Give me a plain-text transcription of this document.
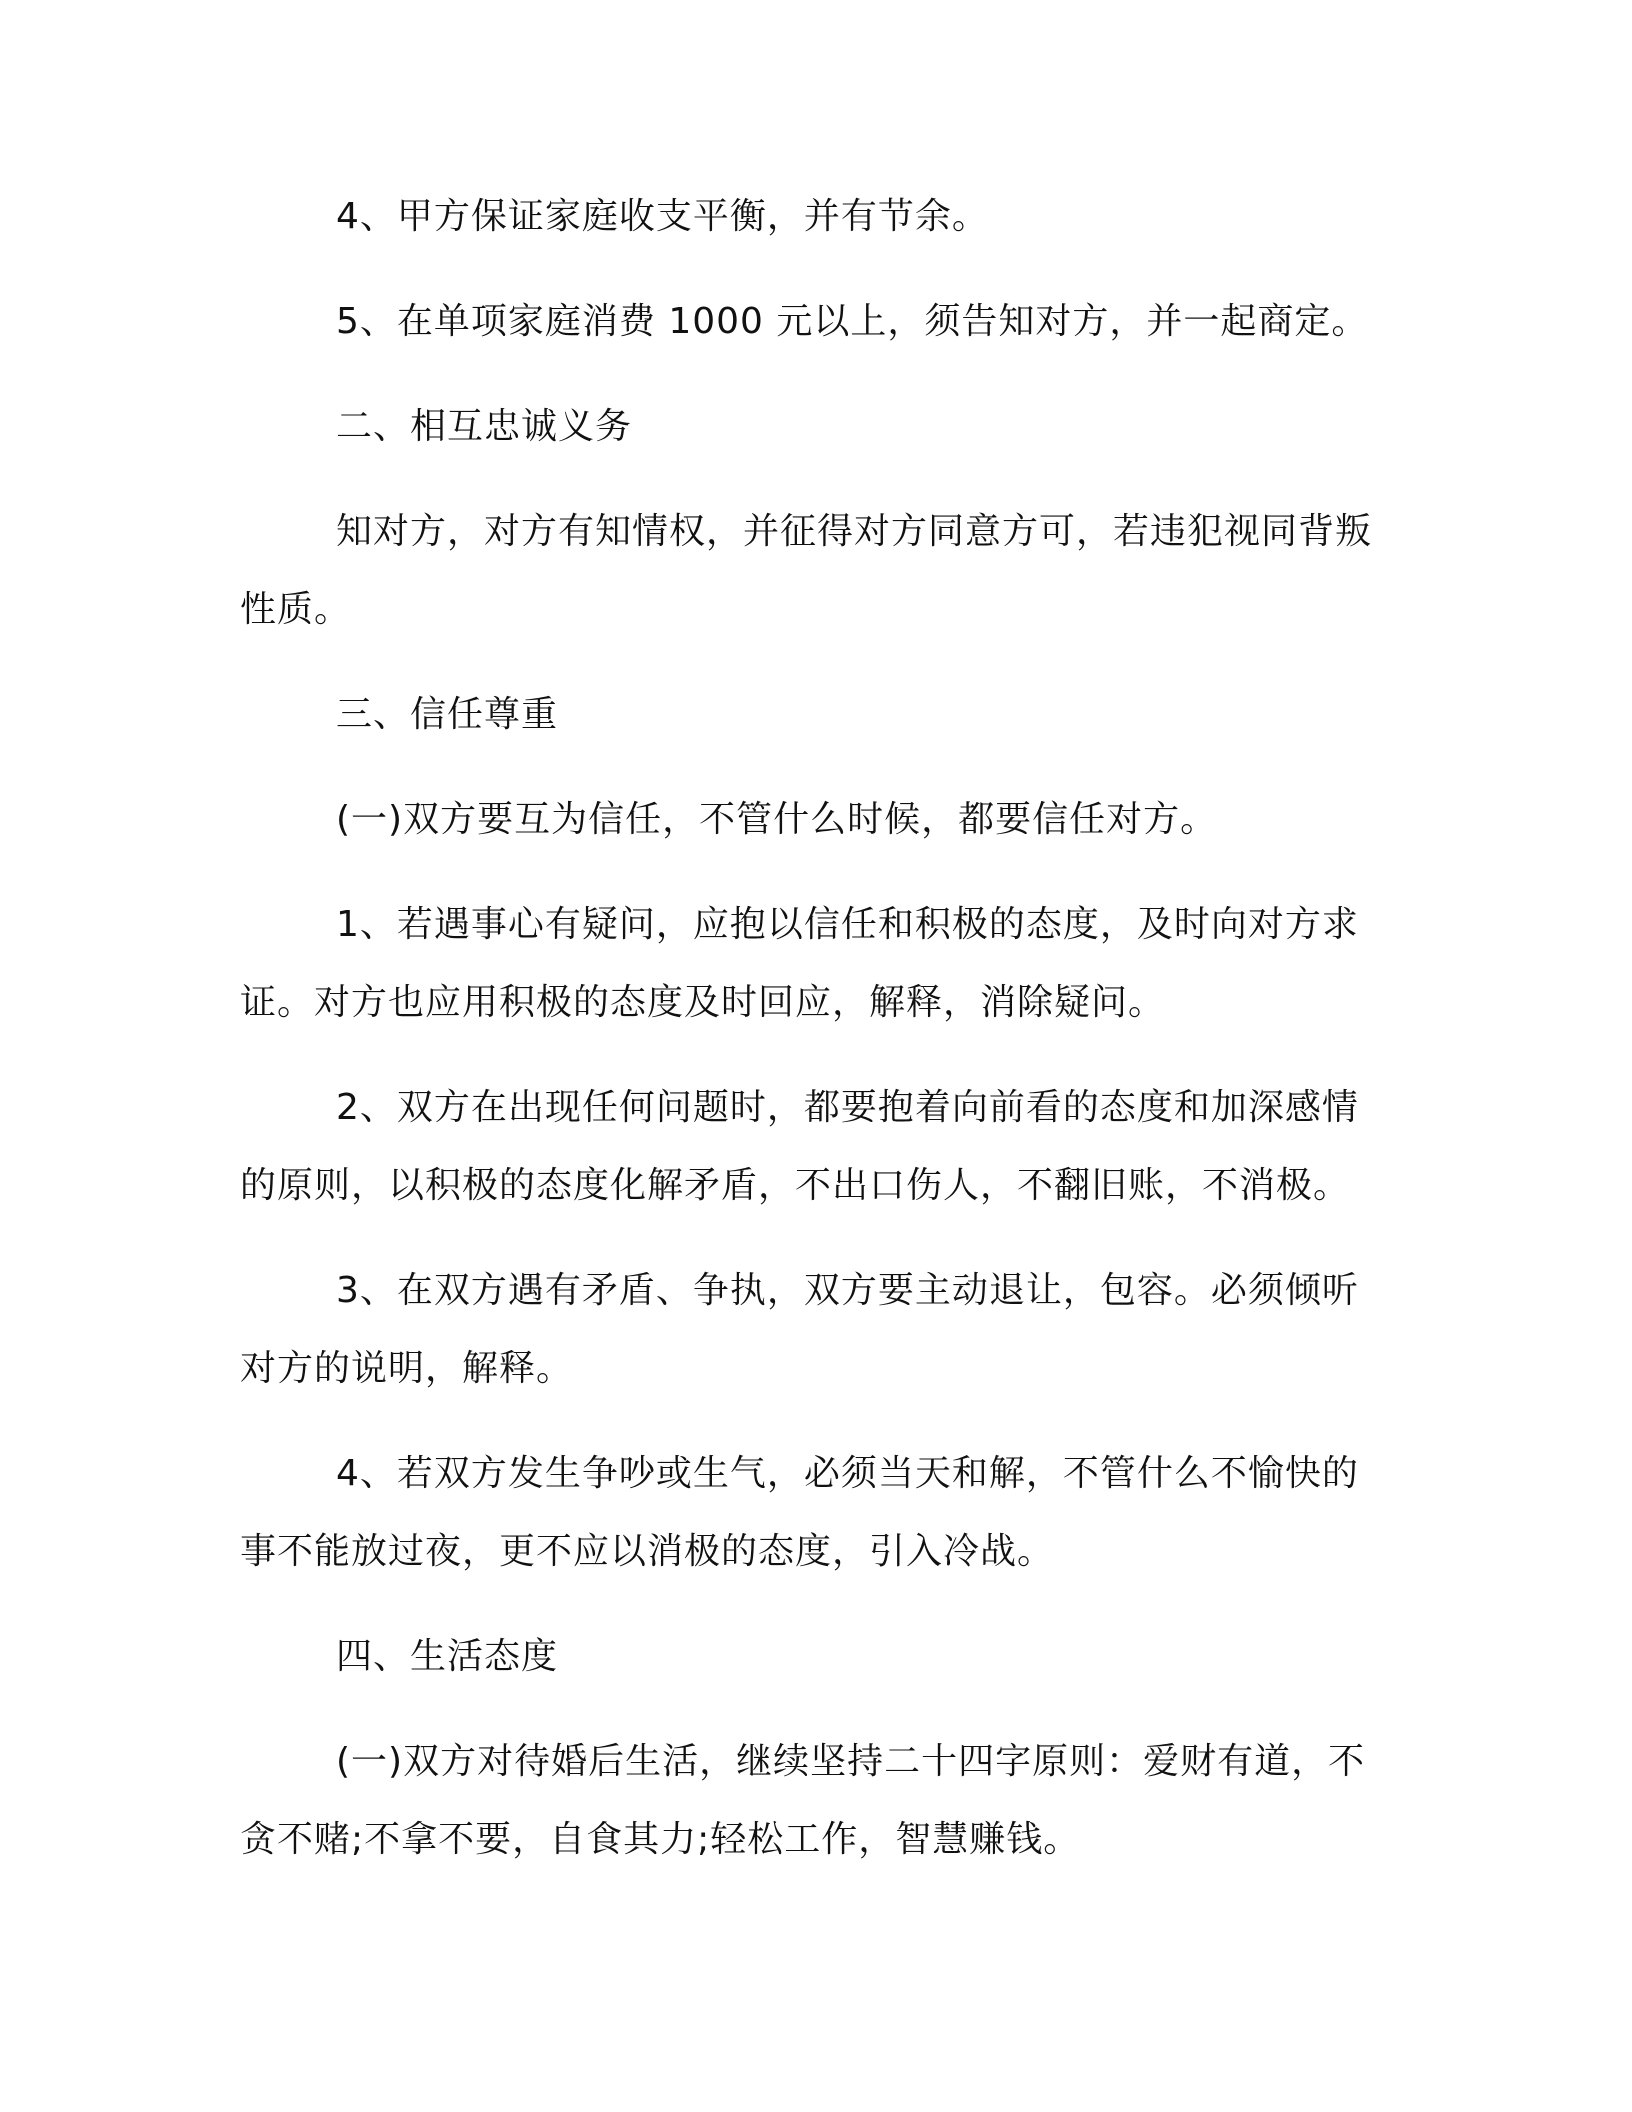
4、甲方保证家庭收支平衡，并有节余。

5、在单项家庭消费 1000 元以上，须告知对方，并一起商定。

二、相互忠诚义务

知对方，对方有知情权，并征得对方同意方可，若违犯视同背叛性质。

三、信任尊重

(一)双方要互为信任，不管什么时候，都要信任对方。

1、若遇事心有疑问，应抱以信任和积极的态度，及时向对方求证。对方也应用积极的态度及时回应，解释，消除疑问。

2、双方在出现任何问题时，都要抱着向前看的态度和加深感情的原则，以积极的态度化解矛盾，不出口伤人，不翻旧账，不消极。

3、在双方遇有矛盾、争执，双方要主动退让，包容。必须倾听对方的说明，解释。

4、若双方发生争吵或生气，必须当天和解，不管什么不愉快的事不能放过夜，更不应以消极的态度，引入冷战。

四、生活态度

(一)双方对待婚后生活，继续坚持二十四字原则：爱财有道，不贪不赌;不拿不要，自食其力;轻松工作，智慧赚钱。
